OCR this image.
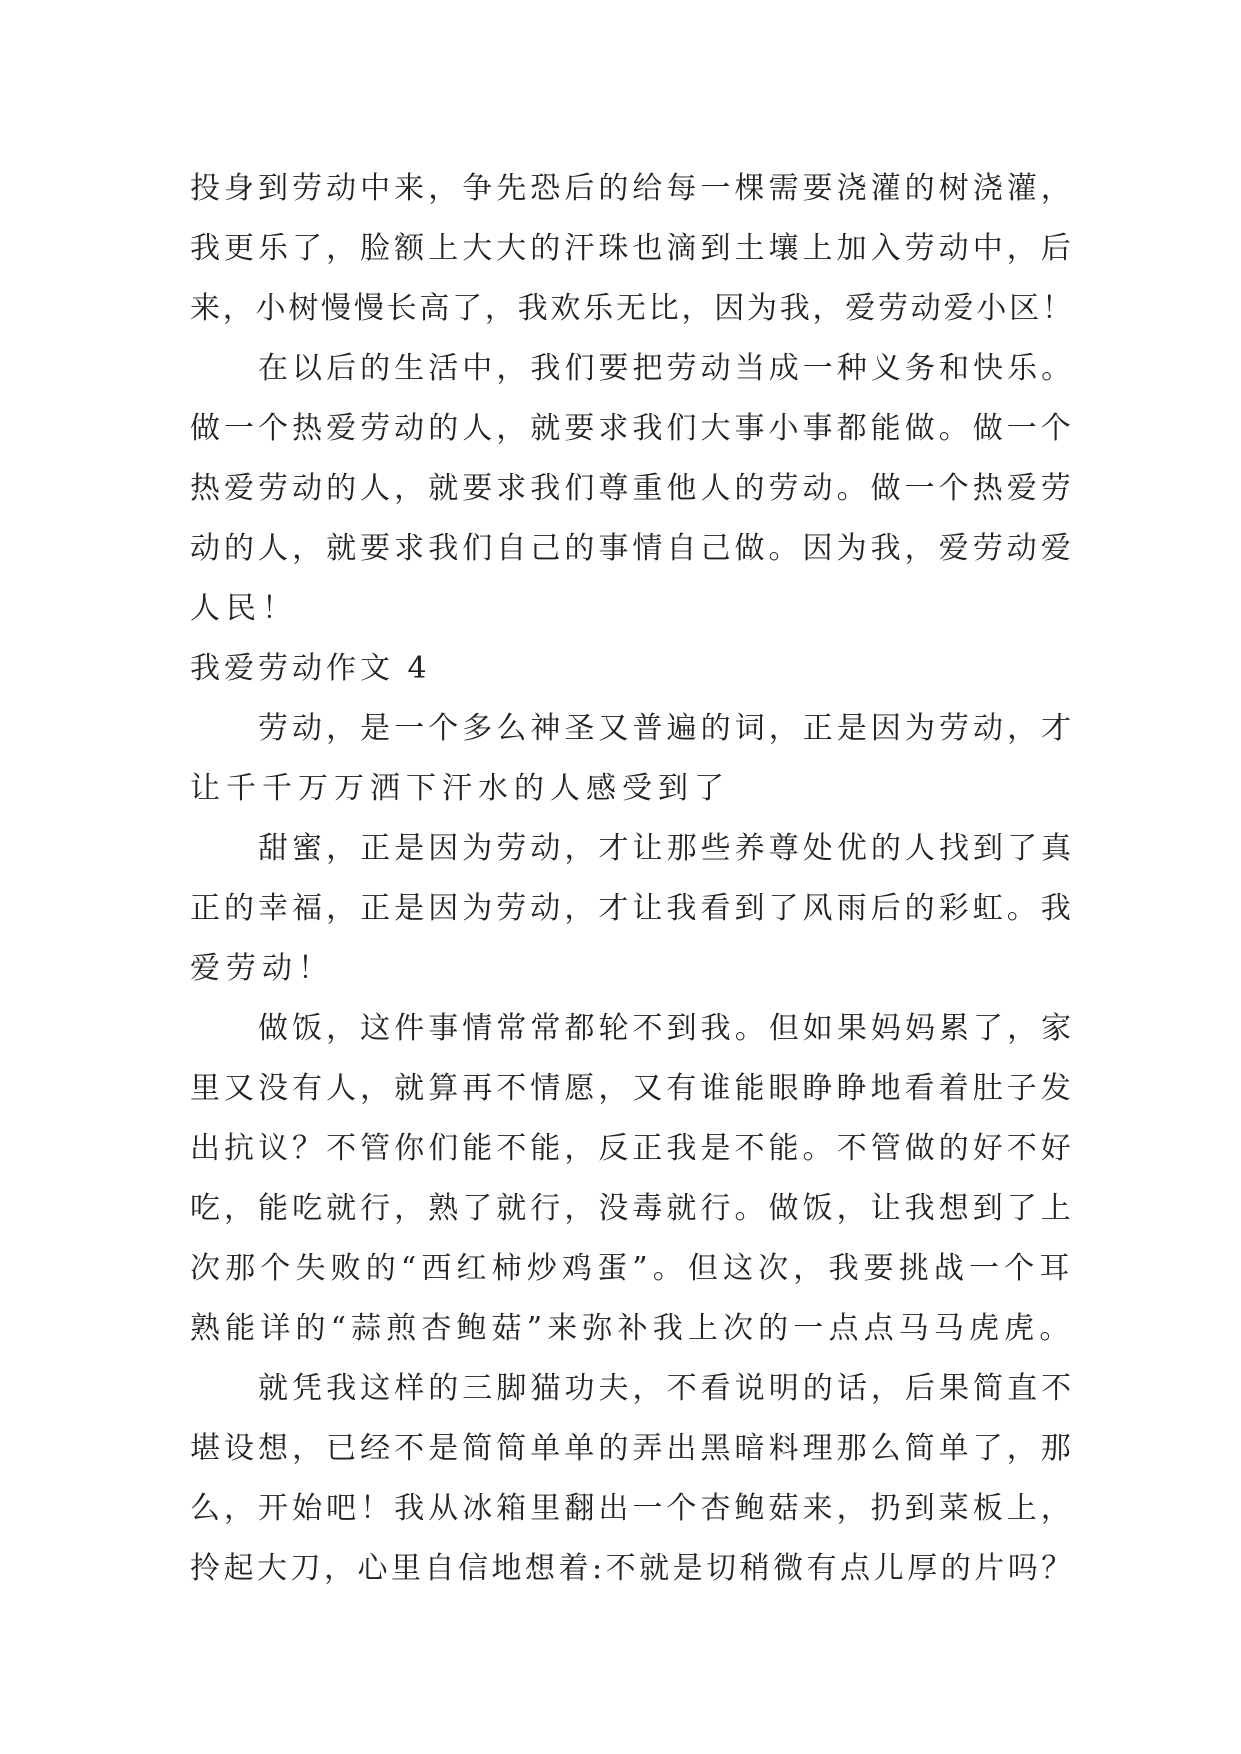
投身到劳动中来，争先恐后的给每一棵需要浇灌的树浇灌，
我更乐了，脸额上大大的汗珠也滴到土壤上加入劳动中，后
来，小树慢慢长高了，我欢乐无比，因为我，爱劳动爱小区！
在以后的生活中，我们要把劳动当成一种义务和快乐。
做一个热爱劳动的人，就要求我们大事小事都能做。做一个
热爱劳动的人，就要求我们尊重他人的劳动。做一个热爱劳
动的人，就要求我们自己的事情自己做。因为我，爱劳动爱
人民！
我爱劳动作文 4
劳动，是一个多么神圣又普遍的词，正是因为劳动，才
让千千万万洒下汗水的人感受到了
甜蜜，正是因为劳动，才让那些养尊处优的人找到了真
正的幸福，正是因为劳动，才让我看到了风雨后的彩虹。我
爱劳动！
做饭，这件事情常常都轮不到我。但如果妈妈累了，家
里又没有人，就算再不情愿，又有谁能眼睁睁地看着肚子发
出抗议？不管你们能不能，反正我是不能。不管做的好不好
吃，能吃就行，熟了就行，没毒就行。做饭，让我想到了上
次那个失败的“西红柿炒鸡蛋”。但这次，我要挑战一个耳
熟能详的“蒜煎杏鲍菇”来弥补我上次的一点点马马虎虎。
就凭我这样的三脚猫功夫，不看说明的话，后果简直不
堪设想，已经不是简简单单的弄出黑暗料理那么简单了，那
么，开始吧！我从冰箱里翻出一个杏鲍菇来，扔到菜板上，
拎起大刀，心里自信地想着:不就是切稍微有点儿厚的片吗？
